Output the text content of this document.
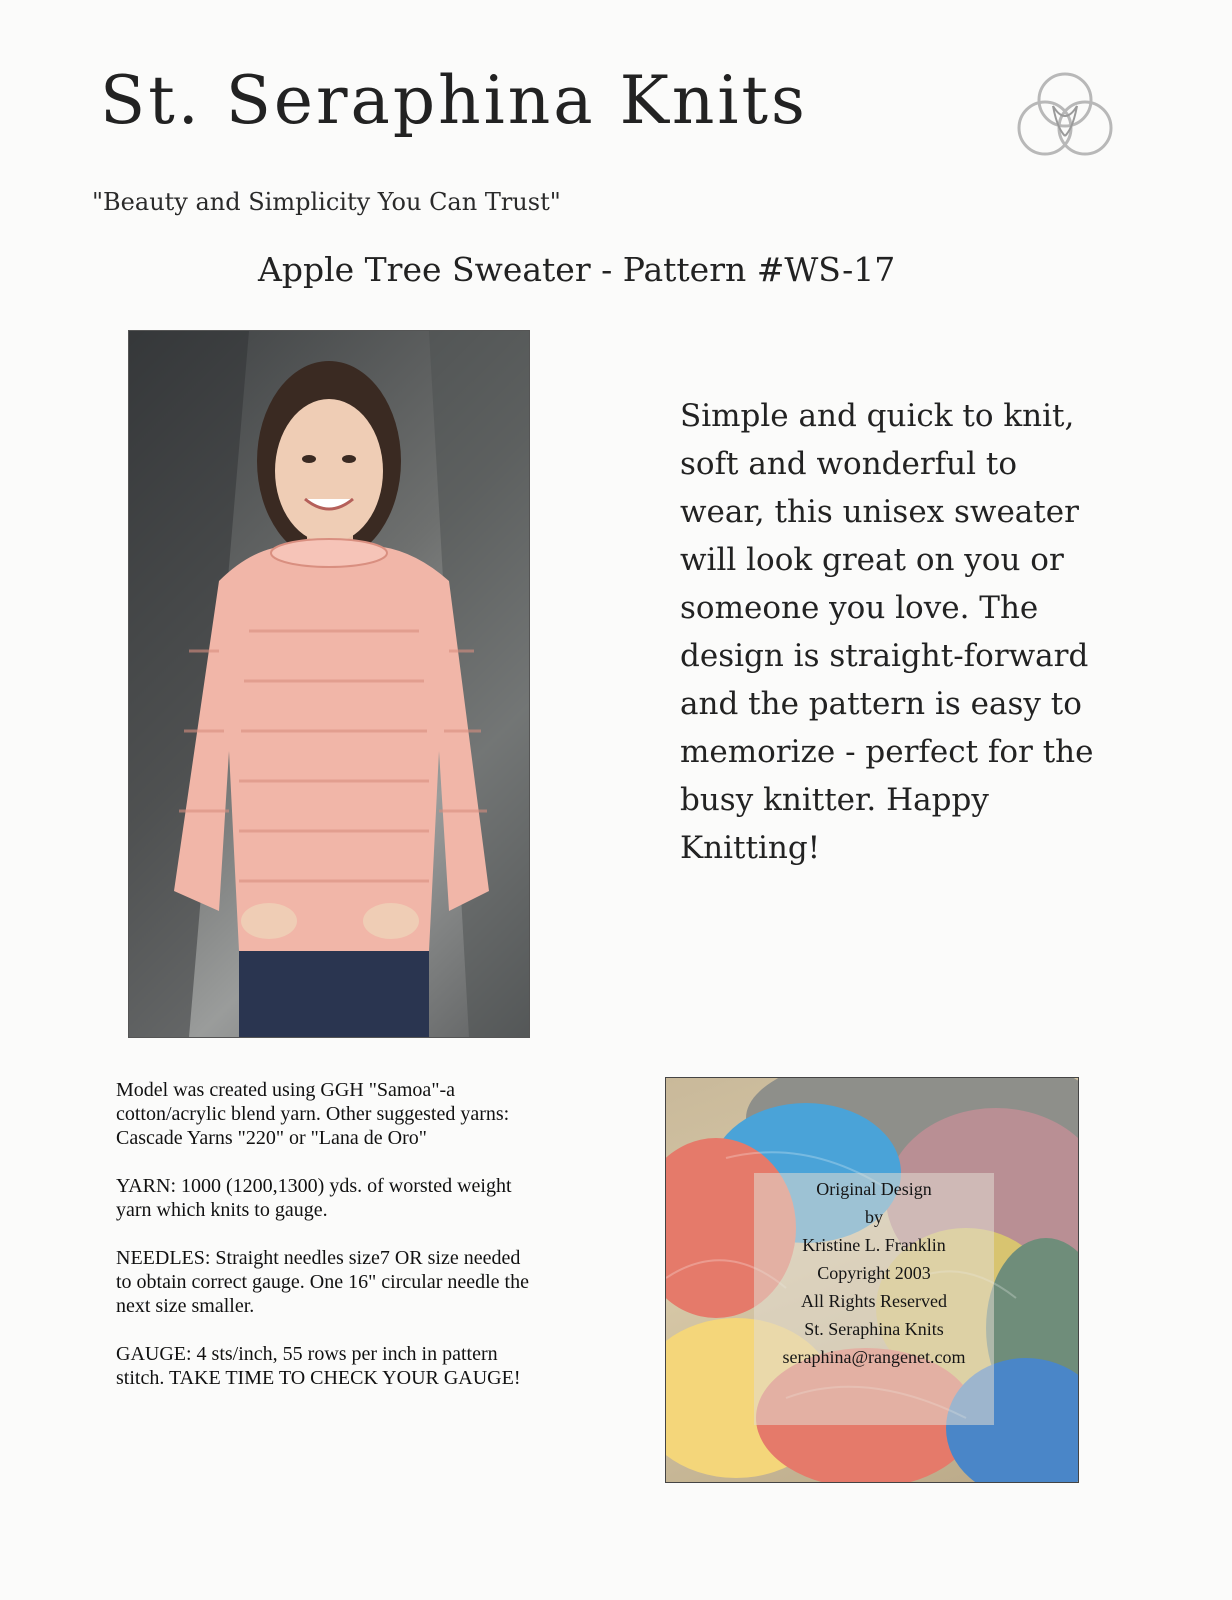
St. Seraphina Knits
"Beauty and Simplicity You Can Trust"
Apple Tree Sweater - Pattern #WS-17

Simple and quick to knit, soft and wonderful to wear, this unisex sweater will look great on you or someone you love. The design is straight-forward and the pattern is easy to memorize - perfect for the busy knitter. Happy Knitting!

Model was created using GGH "Samoa"-a cotton/acrylic blend yarn. Other suggested yarns: Cascade Yarns "220" or "Lana de Oro"

YARN: 1000 (1200,1300) yds. of worsted weight yarn which knits to gauge.

NEEDLES: Straight needles size7 OR size needed to obtain correct gauge. One 16" circular needle the next size smaller.

GAUGE: 4 sts/inch, 55 rows per inch in pattern stitch. TAKE TIME TO CHECK YOUR GAUGE!

Original Design
by
Kristine L. Franklin
Copyright 2003
All Rights Reserved
St. Seraphina Knits
seraphina@rangenet.com
